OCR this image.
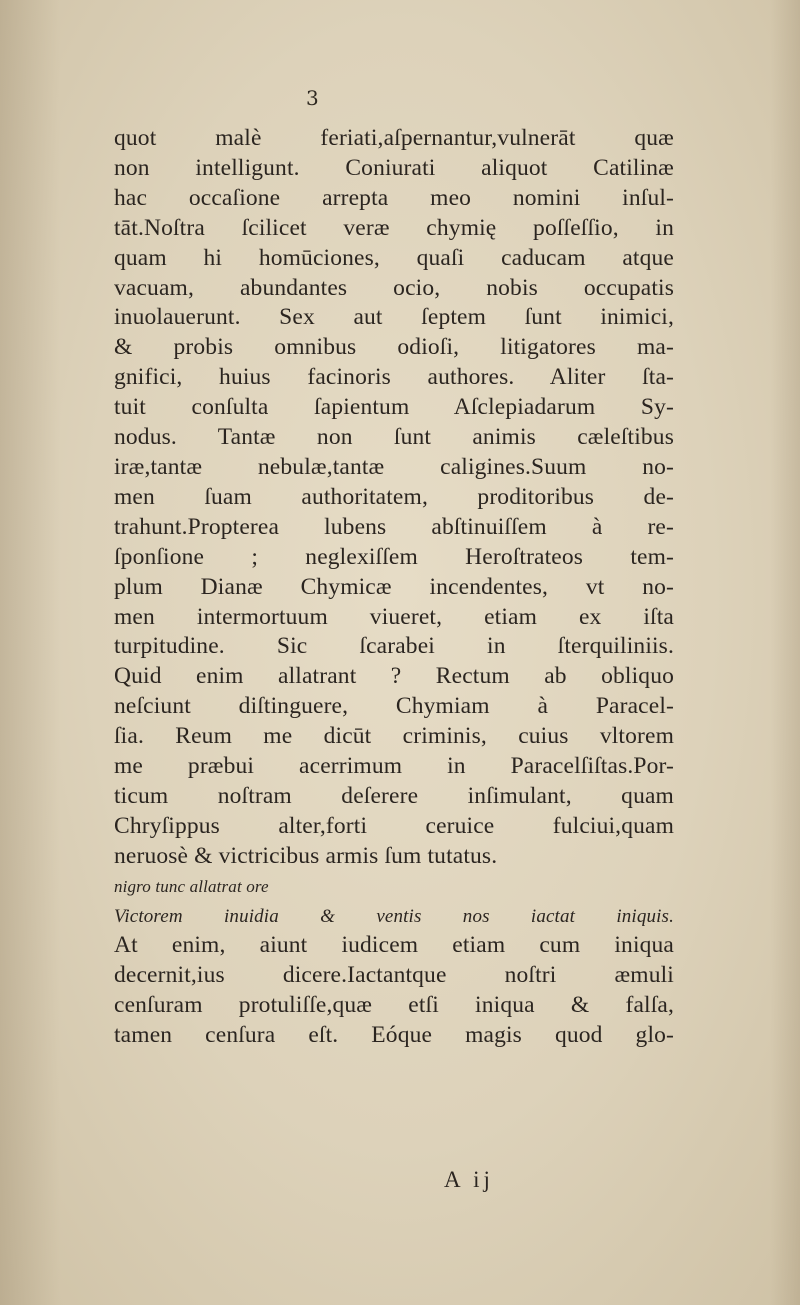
3
quot malè feriati,aſpernantur,vulnerāt quæ
non intelligunt. Coniurati aliquot Catilinæ
hac occaſione arrepta meo nomini inſul-
tāt.Noſtra ſcilicet veræ chymię poſſeſſio, in
quam hi homūciones, quaſi caducam atque
vacuam, abundantes ocio, nobis occupatis
inuolauerunt. Sex aut ſeptem ſunt inimici,
& probis omnibus odioſi, litigatores ma-
gnifici, huius facinoris authores. Aliter ſta-
tuit conſulta ſapientum Aſclepiadarum Sy-
nodus. Tantæ non ſunt animis cæleſtibus
iræ,tantæ nebulæ,tantæ caligines.Suum no-
men ſuam authoritatem, proditoribus de-
trahunt.Propterea lubens abſtinuiſſem à re-
ſponſione ; neglexiſſem Heroſtrateos tem-
plum Dianæ Chymicæ incendentes, vt no-
men intermortuum viueret, etiam ex iſta
turpitudine. Sic ſcarabei in ſterquiliniis.
Quid enim allatrant ? Rectum ab obliquo
neſciunt diſtinguere, Chymiam à Paracel-
ſia. Reum me dicūt criminis, cuius vltorem
me præbui acerrimum in Paracelſiſtas.Por-
ticum noſtram deſerere inſimulant, quam
Chryſippus alter,forti ceruice fulciui,quam
neruosè & victricibus armis ſum tutatus.
nigro tunc allatrat ore
Victorem inuidia & ventis nos iactat iniquis.
At enim, aiunt iudicem etiam cum iniqua
decernit,ius dicere.Iactantque noſtri æmuli
cenſuram protuliſſe,quæ etſi iniqua & falſa,
tamen cenſura eſt. Eóque magis quod glo-
A ij
